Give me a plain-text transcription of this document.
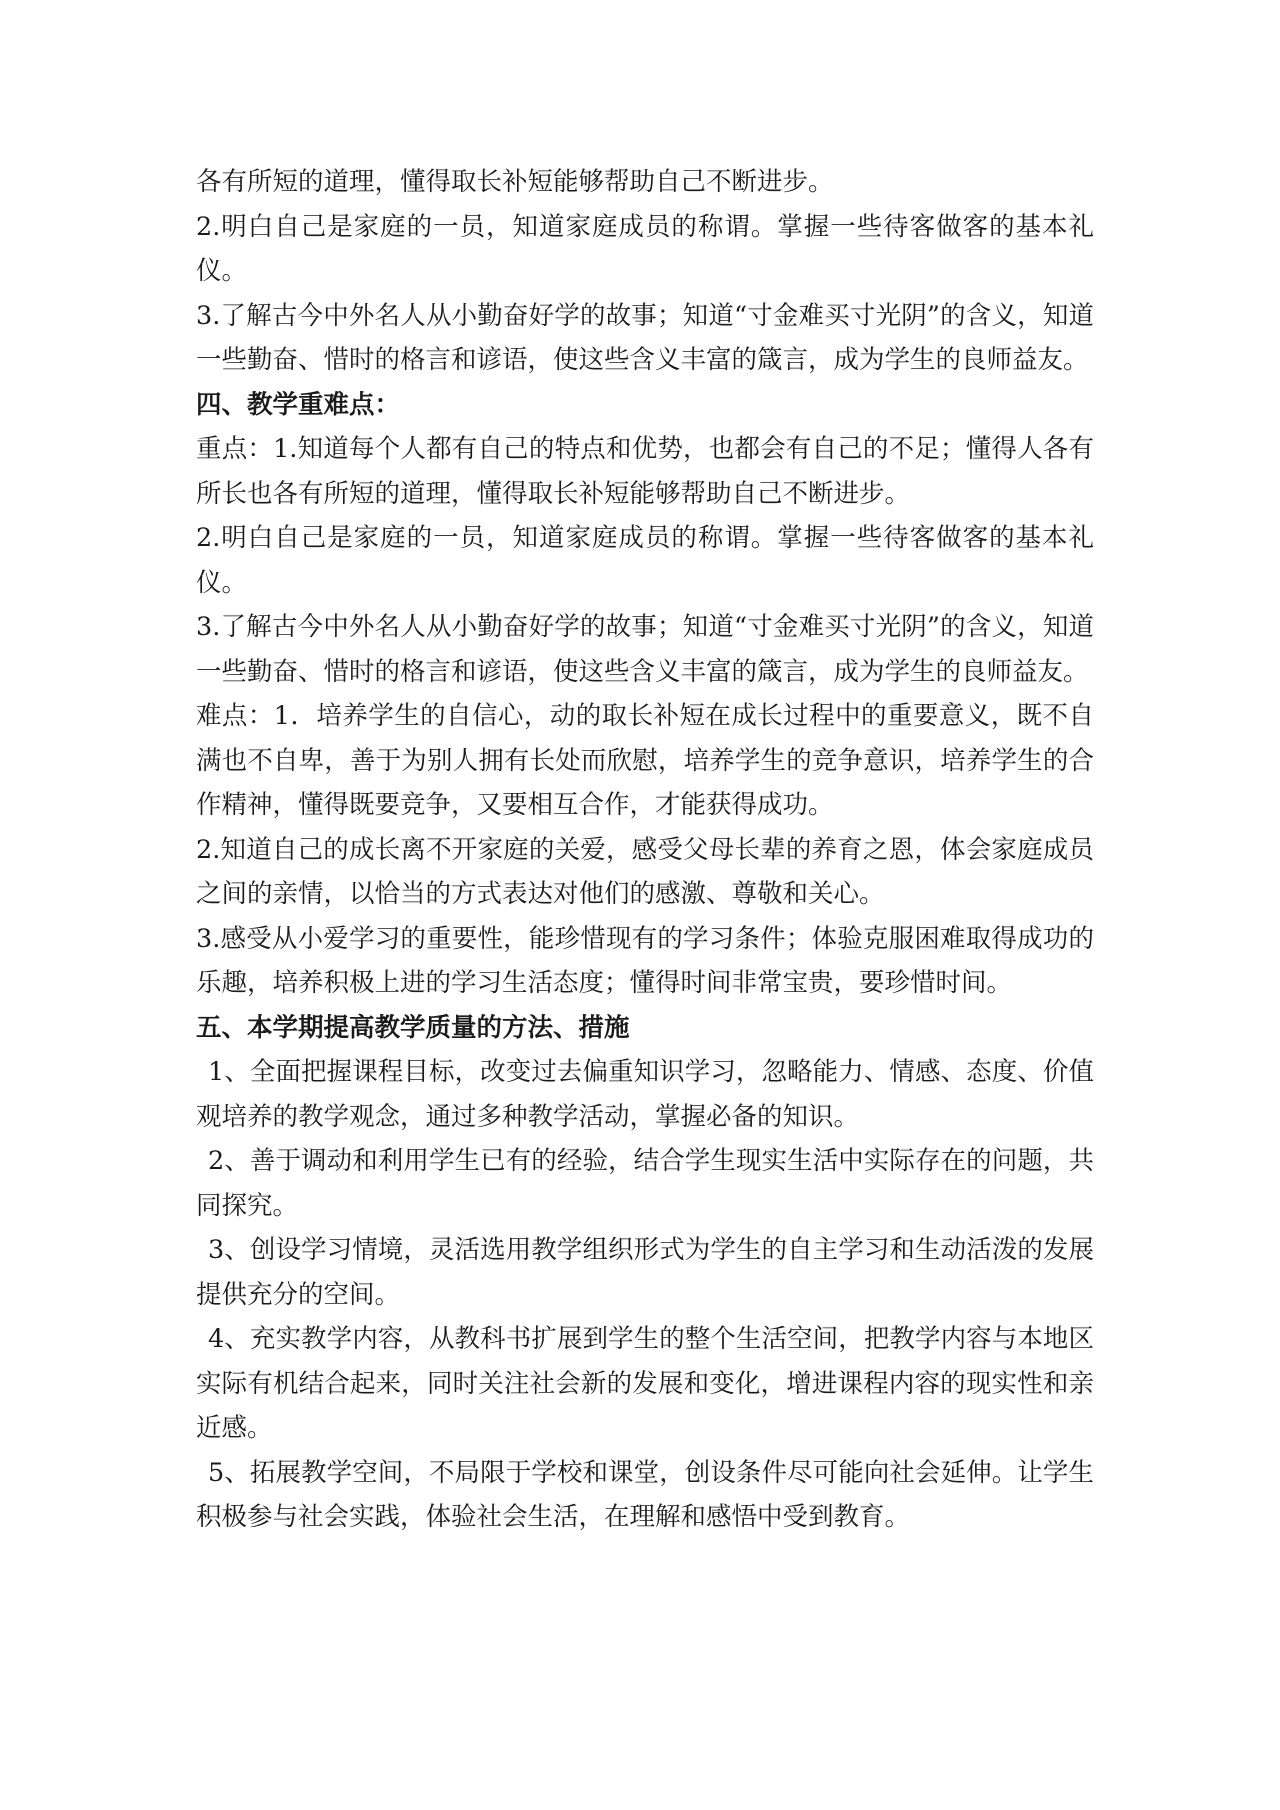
各有所短的道理，懂得取长补短能够帮助自己不断进步。

2.明白自己是家庭的一员，知道家庭成员的称谓。掌握一些待客做客的基本礼仪。

3.了解古今中外名人从小勤奋好学的故事；知道“寸金难买寸光阴”的含义，知道一些勤奋、惜时的格言和谚语，使这些含义丰富的箴言，成为学生的良师益友。

四、教学重难点：

重点：1.知道每个人都有自己的特点和优势，也都会有自己的不足；懂得人各有所长也各有所短的道理，懂得取长补短能够帮助自己不断进步。

2.明白自己是家庭的一员，知道家庭成员的称谓。掌握一些待客做客的基本礼仪。

3.了解古今中外名人从小勤奋好学的故事；知道“寸金难买寸光阴”的含义，知道一些勤奋、惜时的格言和谚语，使这些含义丰富的箴言，成为学生的良师益友。

难点：1．培养学生的自信心，动的取长补短在成长过程中的重要意义，既不自满也不自卑，善于为别人拥有长处而欣慰，培养学生的竞争意识，培养学生的合作精神，懂得既要竞争，又要相互合作，才能获得成功。

2.知道自己的成长离不开家庭的关爱，感受父母长辈的养育之恩，体会家庭成员之间的亲情，以恰当的方式表达对他们的感激、尊敬和关心。

3.感受从小爱学习的重要性，能珍惜现有的学习条件；体验克服困难取得成功的乐趣，培养积极上进的学习生活态度；懂得时间非常宝贵，要珍惜时间。

五、本学期提高教学质量的方法、措施

1、全面把握课程目标，改变过去偏重知识学习，忽略能力、情感、态度、价值观培养的教学观念，通过多种教学活动，掌握必备的知识。

2、善于调动和利用学生已有的经验，结合学生现实生活中实际存在的问题，共同探究。

3、创设学习情境，灵活选用教学组织形式为学生的自主学习和生动活泼的发展提供充分的空间。

4、充实教学内容，从教科书扩展到学生的整个生活空间，把教学内容与本地区实际有机结合起来，同时关注社会新的发展和变化，增进课程内容的现实性和亲近感。

5、拓展教学空间，不局限于学校和课堂，创设条件尽可能向社会延伸。让学生积极参与社会实践，体验社会生活，在理解和感悟中受到教育。
